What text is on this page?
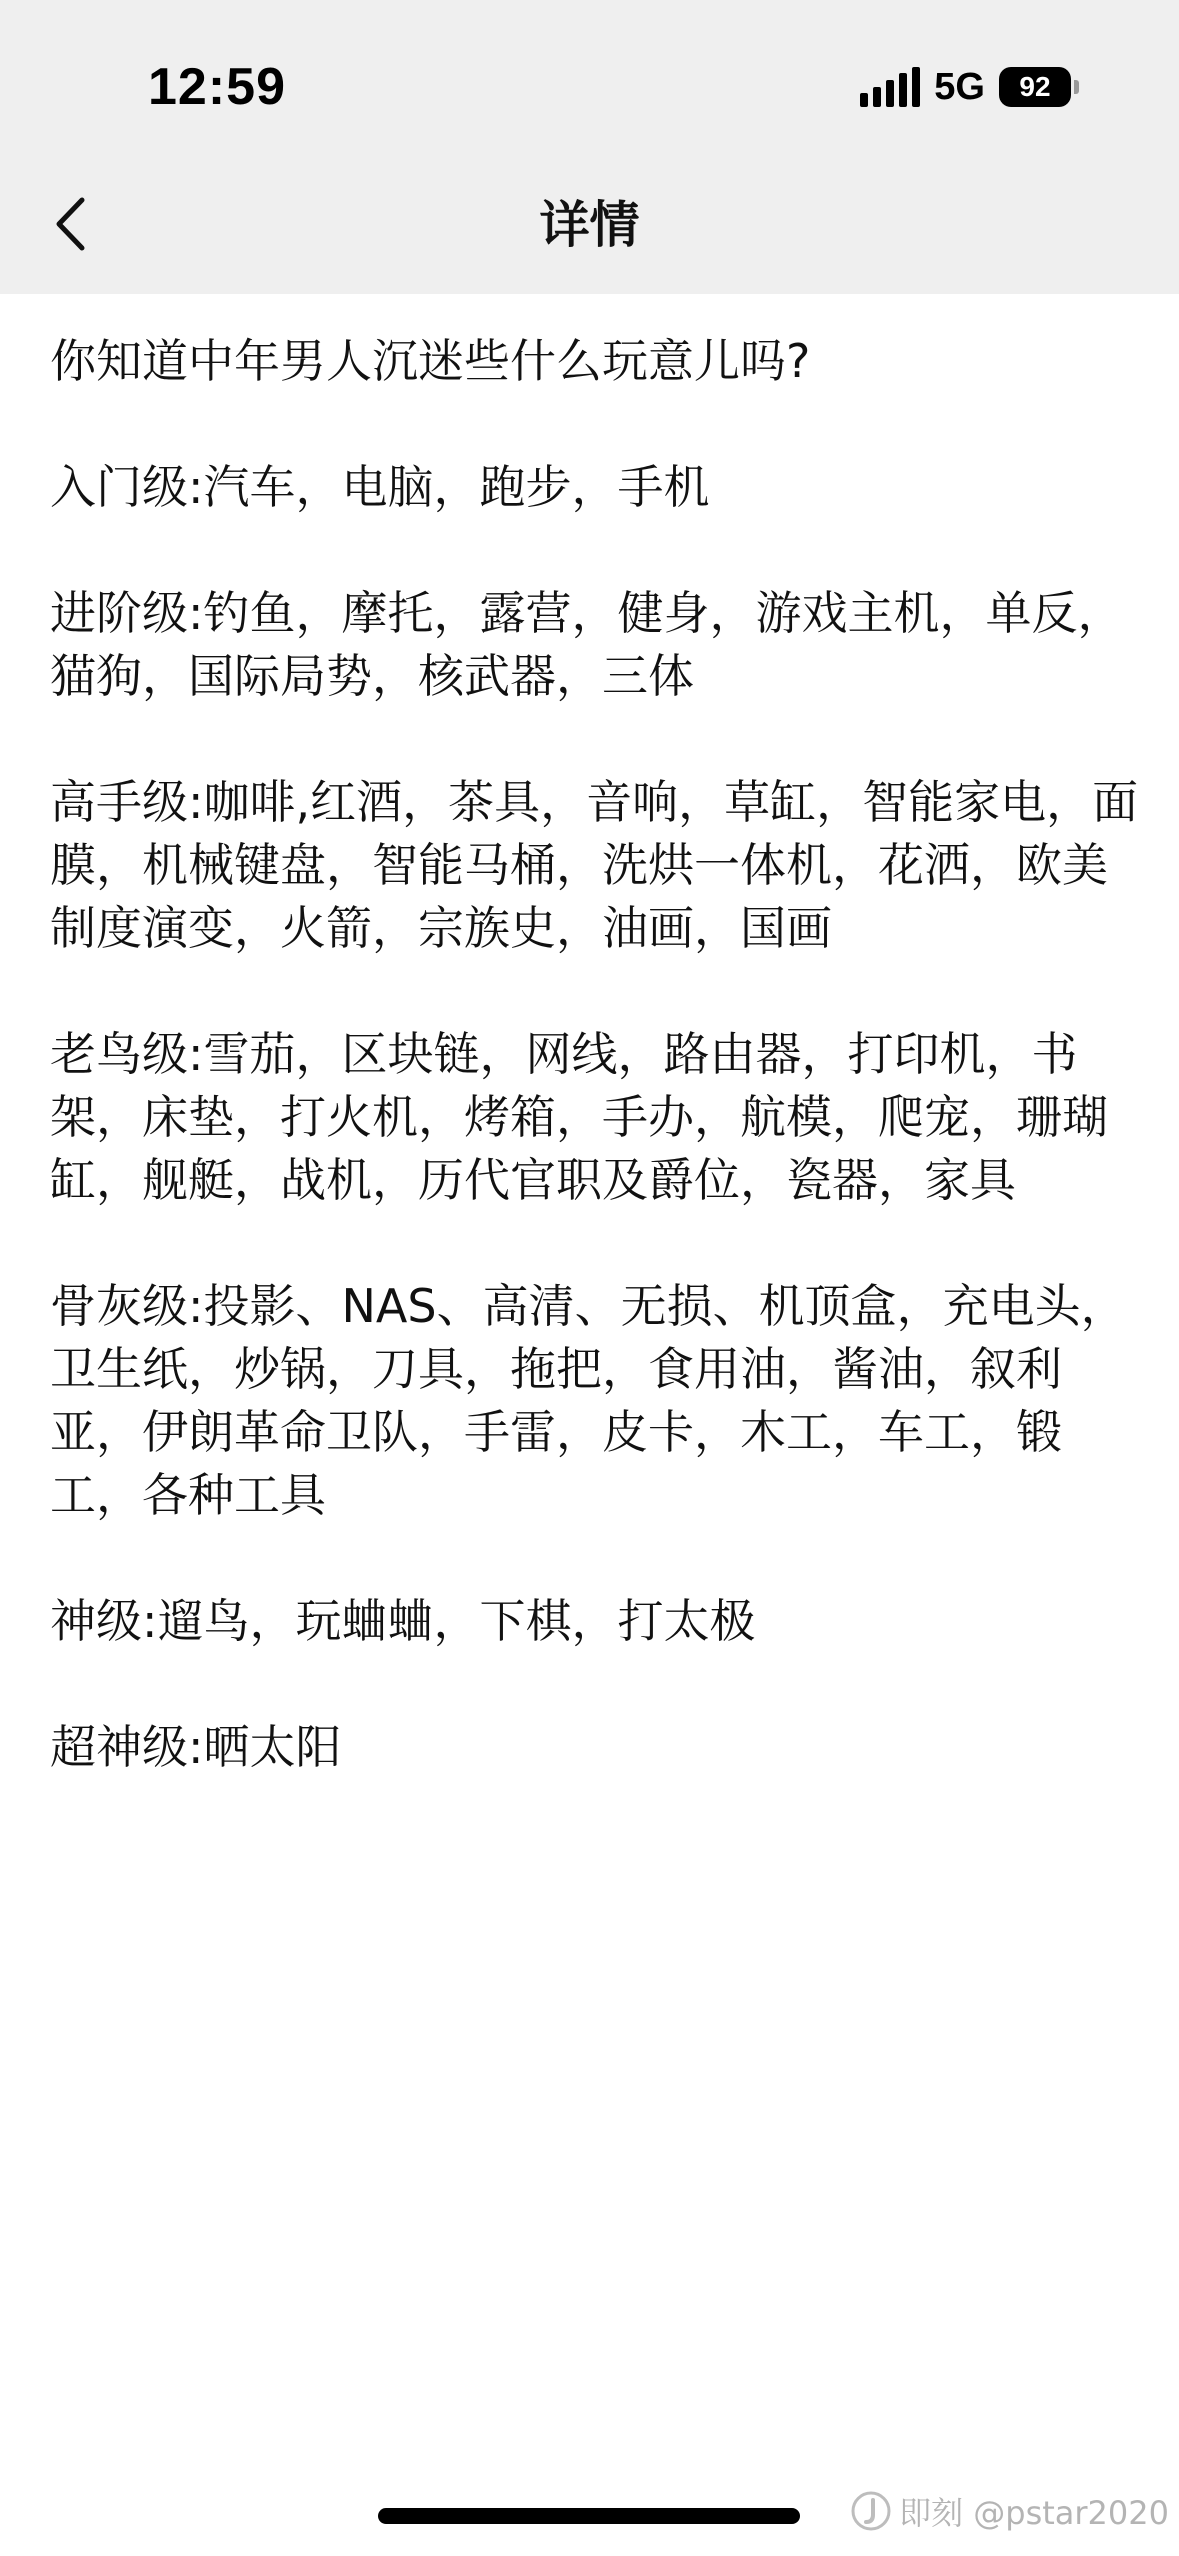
12:59	5G	92
详情

你知道中年男人沉迷些什么玩意儿吗?

入门级:汽车，电脑，跑步，手机

进阶级:钓鱼，摩托，露营，健身，游戏主机，单反，猫狗，国际局势，核武器，三体

高手级:咖啡,红酒，茶具，音响，草缸，智能家电，面膜，机械键盘，智能马桶，洗烘一体机，花洒，欧美制度演变，火箭，宗族史，油画，国画

老鸟级:雪茄，区块链，网线，路由器，打印机，书架，床垫，打火机，烤箱，手办，航模，爬宠，珊瑚缸，舰艇，战机，历代官职及爵位，瓷器，家具

骨灰级:投影、NAS、高清、无损、机顶盒，充电头，卫生纸，炒锅，刀具，拖把，食用油，酱油，叙利亚，伊朗革命卫队，手雷，皮卡，木工，车工，锻工，各种工具

神级:遛鸟，玩蛐蛐，下棋，打太极

超神级:晒太阳

即刻 @pstar2020
